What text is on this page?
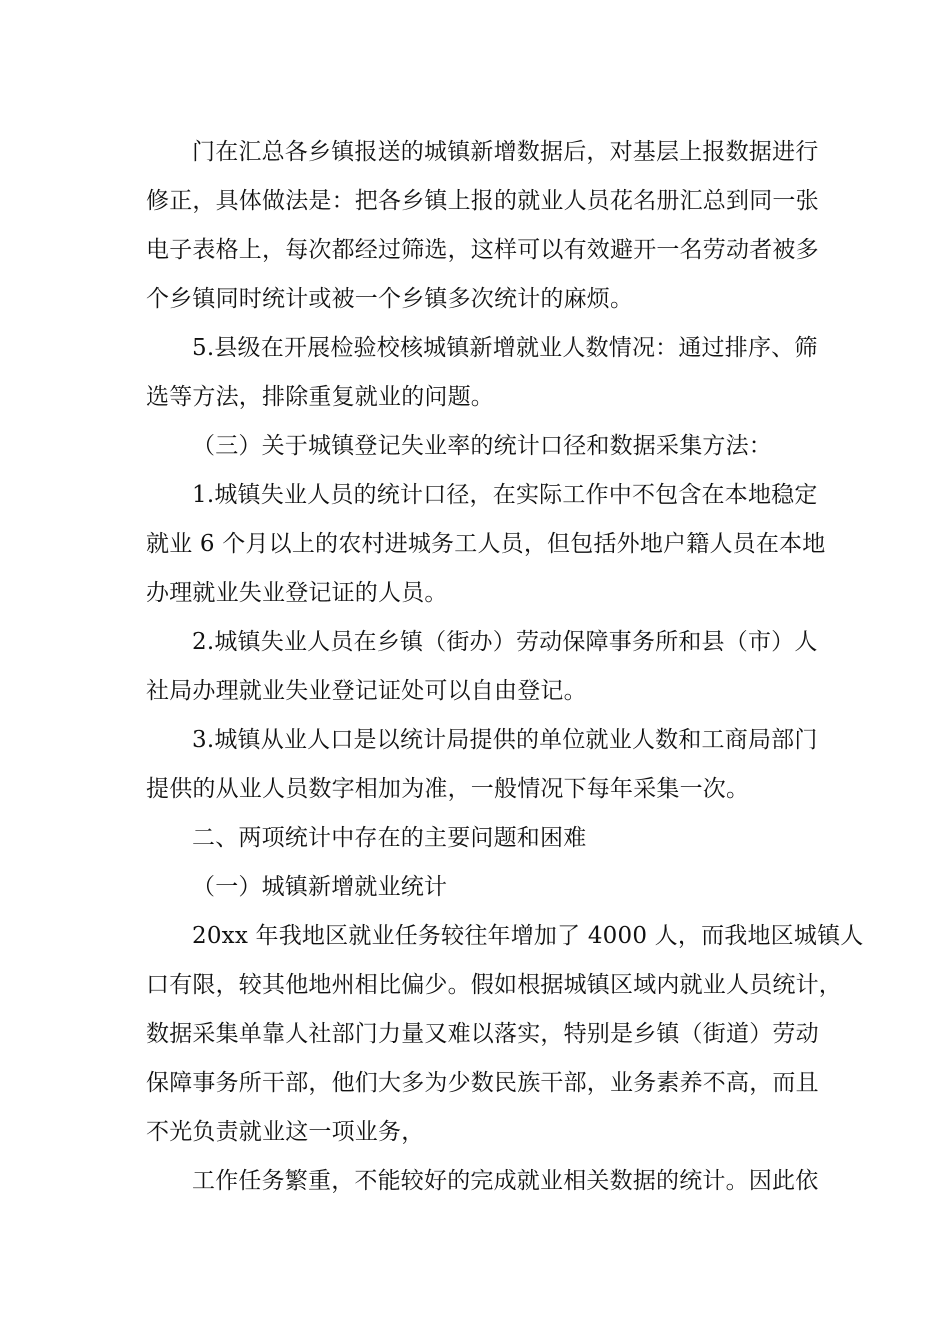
门在汇总各乡镇报送的城镇新增数据后，对基层上报数据进行
修正，具体做法是：把各乡镇上报的就业人员花名册汇总到同一张
电子表格上，每次都经过筛选，这样可以有效避开一名劳动者被多
个乡镇同时统计或被一个乡镇多次统计的麻烦。

5.县级在开展检验校核城镇新增就业人数情况：通过排序、筛
选等方法，排除重复就业的问题。

（三）关于城镇登记失业率的统计口径和数据采集方法：

1.城镇失业人员的统计口径，在实际工作中不包含在本地稳定
就业 6 个月以上的农村进城务工人员，但包括外地户籍人员在本地
办理就业失业登记证的人员。

2.城镇失业人员在乡镇（街办）劳动保障事务所和县（市）人
社局办理就业失业登记证处可以自由登记。

3.城镇从业人口是以统计局提供的单位就业人数和工商局部门
提供的从业人员数字相加为准，一般情况下每年采集一次。

二、两项统计中存在的主要问题和困难

（一）城镇新增就业统计

20xx 年我地区就业任务较往年增加了 4000 人，而我地区城镇人
口有限，较其他地州相比偏少。假如根据城镇区域内就业人员统计，
数据采集单靠人社部门力量又难以落实，特别是乡镇（街道）劳动
保障事务所干部，他们大多为少数民族干部，业务素养不高，而且
不光负责就业这一项业务，

工作任务繁重，不能较好的完成就业相关数据的统计。因此依
